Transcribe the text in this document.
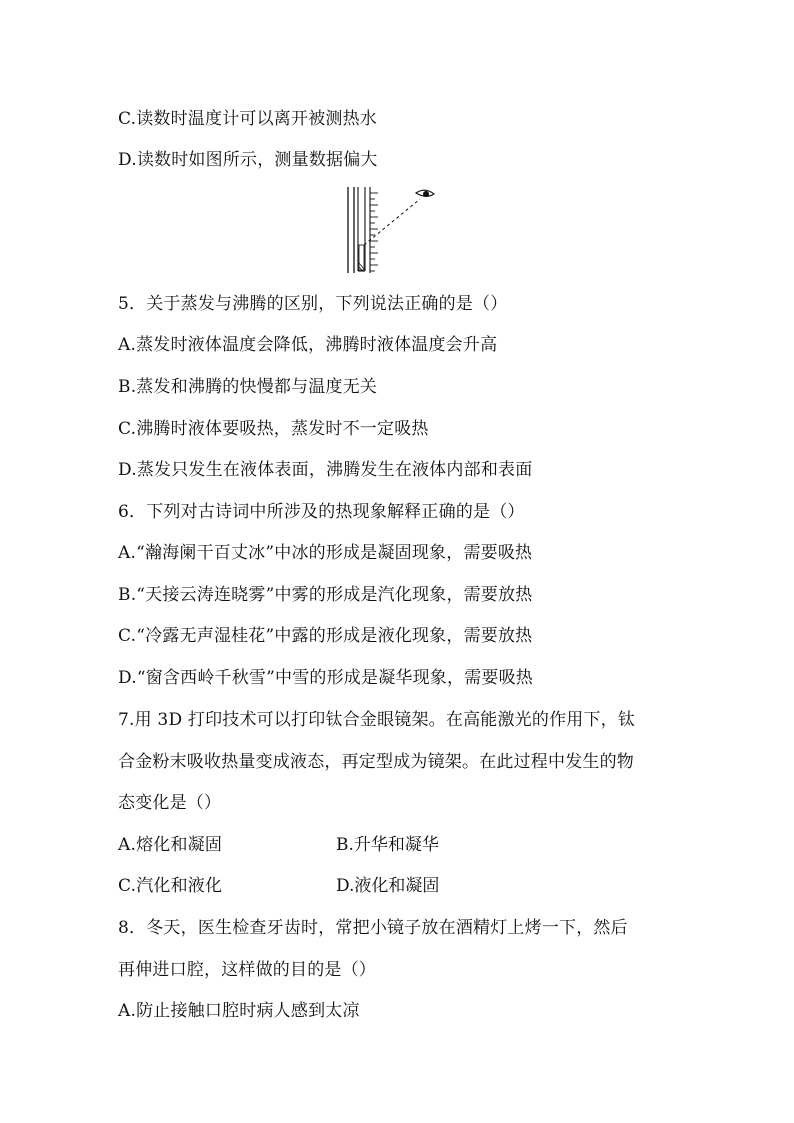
C.读数时温度计可以离开被测热水
D.读数时如图所示，测量数据偏大
5．关于蒸发与沸腾的区别，下列说法正确的是（）
A.蒸发时液体温度会降低，沸腾时液体温度会升高
B.蒸发和沸腾的快慢都与温度无关
C.沸腾时液体要吸热，蒸发时不一定吸热
D.蒸发只发生在液体表面，沸腾发生在液体内部和表面
6．下列对古诗词中所涉及的热现象解释正确的是（）
A.“瀚海阑干百丈冰”中冰的形成是凝固现象，需要吸热
B.“天接云涛连晓雾”中雾的形成是汽化现象，需要放热
C.“冷露无声湿桂花”中露的形成是液化现象，需要放热
D.“窗含西岭千秋雪”中雪的形成是凝华现象，需要吸热
7.用 3D 打印技术可以打印钛合金眼镜架。在高能激光的作用下，钛
合金粉末吸收热量变成液态，再定型成为镜架。在此过程中发生的物
态变化是（）
A.熔化和凝固	B.升华和凝华
C.汽化和液化	D.液化和凝固
8．冬天，医生检查牙齿时，常把小镜子放在酒精灯上烤一下，然后
再伸进口腔，这样做的目的是（）
A.防止接触口腔时病人感到太凉
